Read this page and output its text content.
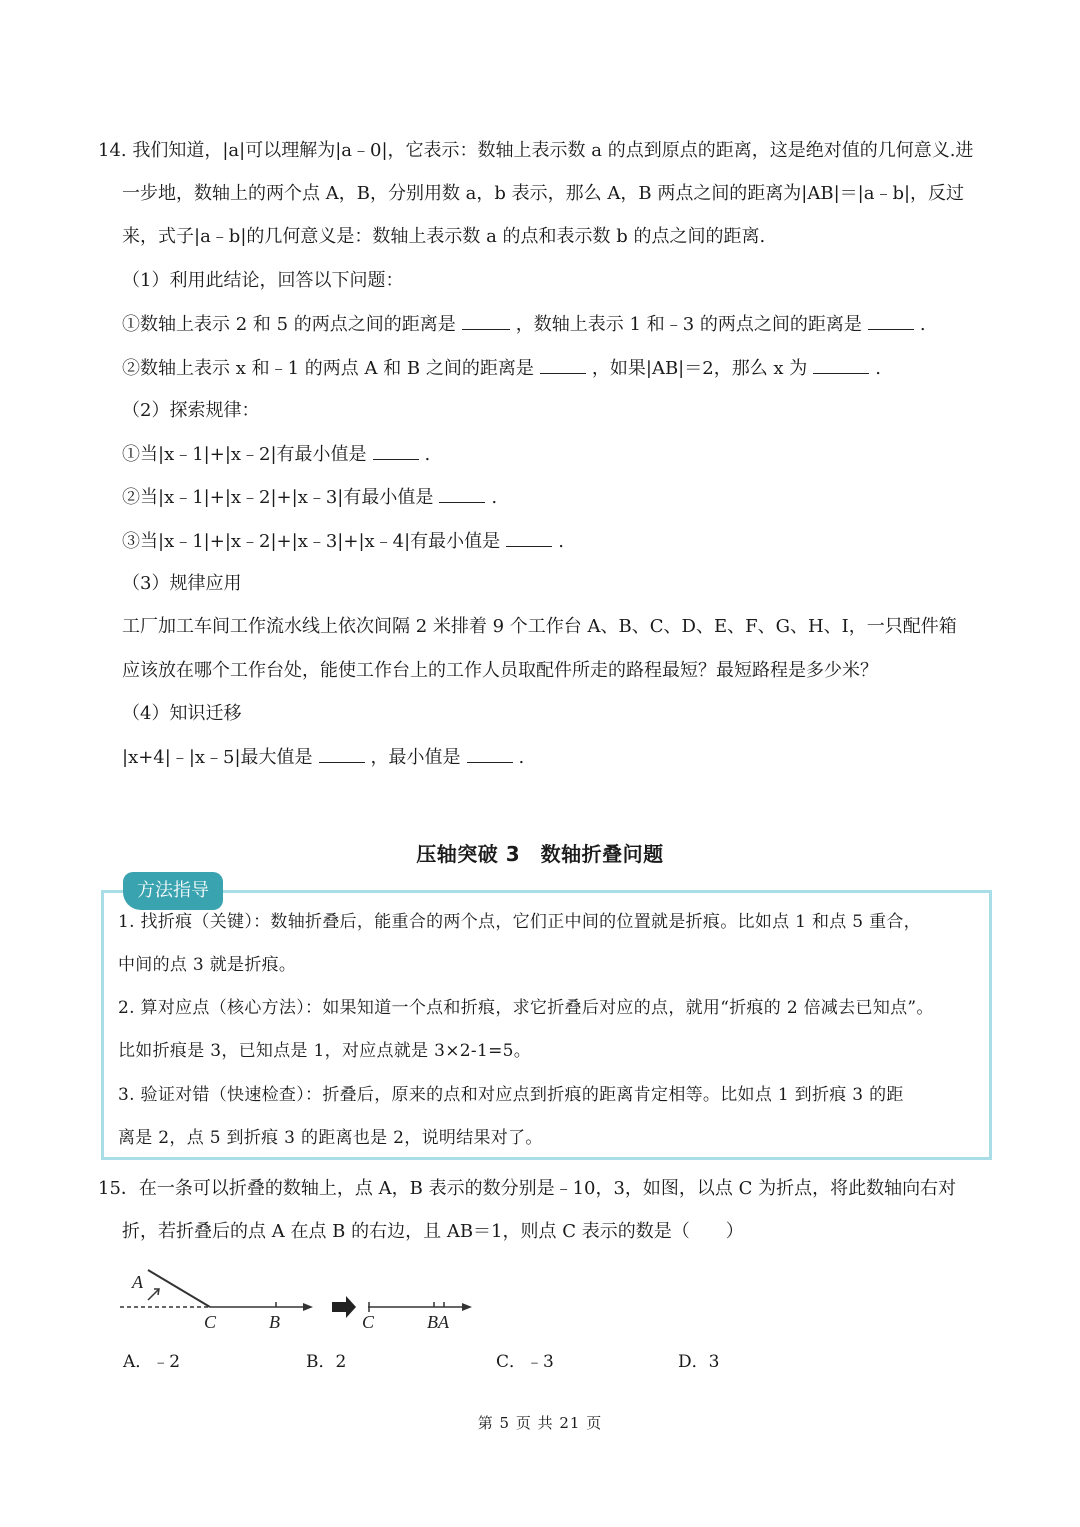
14. 我们知道，|a|可以理解为|a﹣0|，它表示：数轴上表示数 a 的点到原点的距离，这是绝对值的几何意义.进
一步地，数轴上的两个点 A，B，分别用数 a，b 表示，那么 A，B 两点之间的距离为|AB|＝|a﹣b|，反过
来，式子|a﹣b|的几何意义是：数轴上表示数 a 的点和表示数 b 的点之间的距离.
（1）利用此结论，回答以下问题：
①数轴上表示 2 和 5 的两点之间的距离是	，数轴上表示 1 和﹣3 的两点之间的距离是	.
②数轴上表示 x 和﹣1 的两点 A 和 B 之间的距离是	，如果|AB|＝2，那么 x 为	.
（2）探索规律：
①当|x﹣1|+|x﹣2|有最小值是	.
②当|x﹣1|+|x﹣2|+|x﹣3|有最小值是	.
③当|x﹣1|+|x﹣2|+|x﹣3|+|x﹣4|有最小值是	.
（3）规律应用
工厂加工车间工作流水线上依次间隔 2 米排着 9 个工作台 A、B、C、D、E、F、G、H、I，一只配件箱
应该放在哪个工作台处，能使工作台上的工作人员取配件所走的路程最短？最短路程是多少米？
（4）知识迁移
|x+4|﹣|x﹣5|最大值是	，最小值是	.
压轴突破 3　数轴折叠问题
方法指导
1. 找折痕（关键）：数轴折叠后，能重合的两个点，它们正中间的位置就是折痕。比如点 1 和点 5 重合，
中间的点 3 就是折痕。
2. 算对应点（核心方法）：如果知道一个点和折痕，求它折叠后对应的点，就用“折痕的 2 倍减去已知点”。
比如折痕是 3，已知点是 1，对应点就是 3×2-1=5。
3. 验证对错（快速检查）：折叠后，原来的点和对应点到折痕的距离肯定相等。比如点 1 到折痕 3 的距
离是 2，点 5 到折痕 3 的距离也是 2，说明结果对了。
15．在一条可以折叠的数轴上，点 A，B 表示的数分别是﹣10，3，如图，以点 C 为折点，将此数轴向右对
折，若折叠后的点 A 在点 B 的右边，且 AB＝1，则点 C 表示的数是（　　）
A
C	B	C	BA
A．﹣2	B．2	C．﹣3	D．3
第 5 页 共 21 页
